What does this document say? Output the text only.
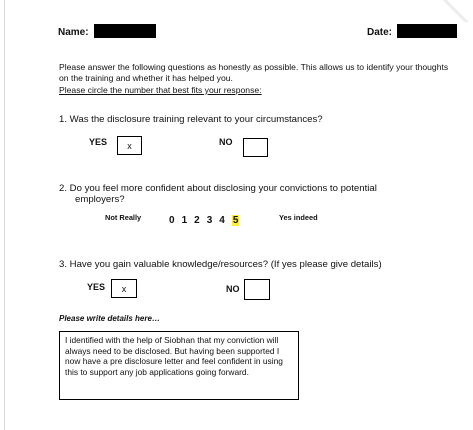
Name:	Date:
Please answer the following questions as honestly as possible. This allows us to identify your thoughts on the training and whether it has helped you.
Please circle the number that best fits your response:
1. Was the disclosure training relevant to your circumstances?
YES	x	NO
2. Do you feel more confident about disclosing your convictions to potential
employers?
Not Really	0 1 2 3 4 5	Yes indeed
3. Have you gain valuable knowledge/resources? (If yes please give details)
YES	x	NO
Please write details here…
I identified with the help of Siobhan that my conviction will always need to be disclosed. But having been supported I now have a pre disclosure letter and feel confident in using this to support any job applications going forward.
